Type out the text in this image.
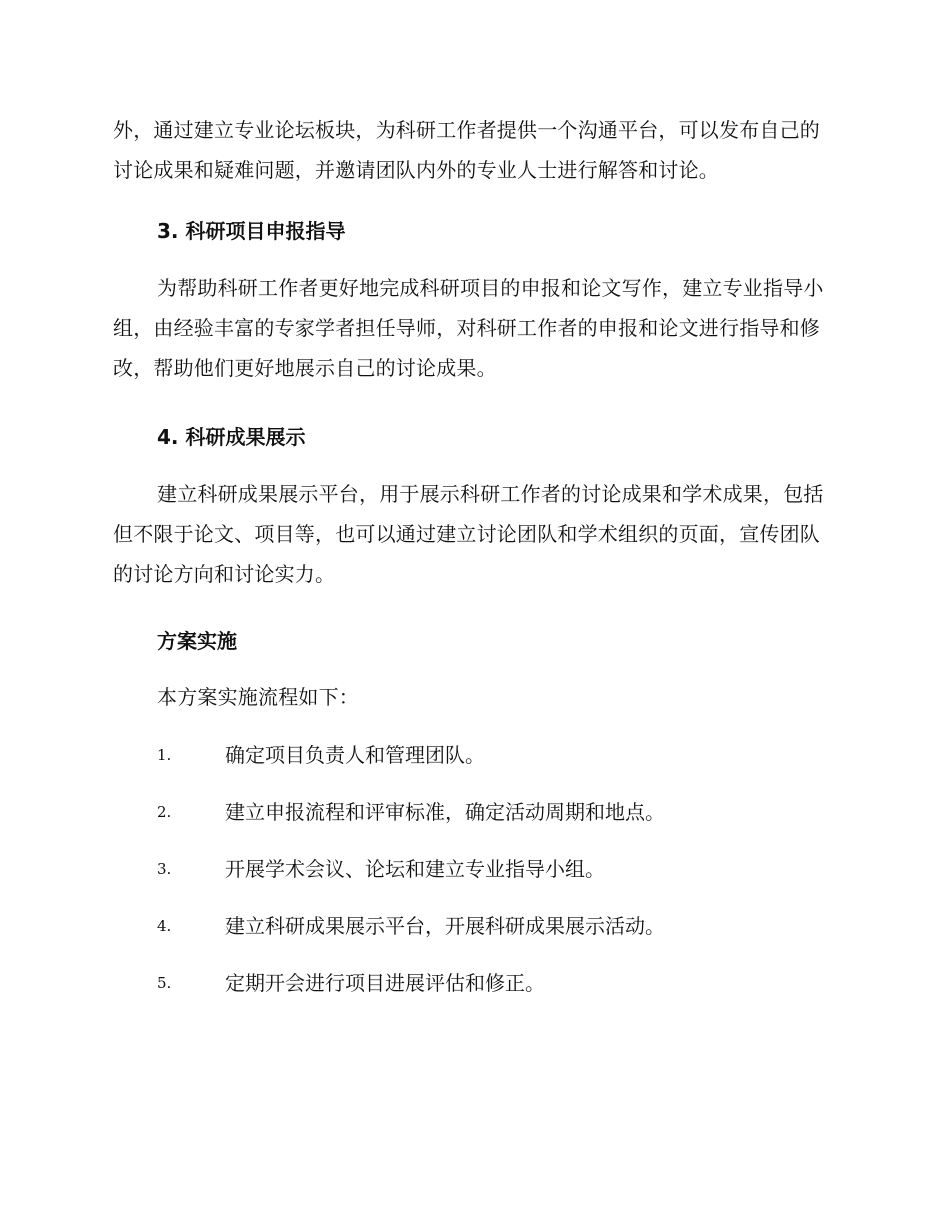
外，通过建立专业论坛板块，为科研工作者提供一个沟通平台，可以发布自己的讨论成果和疑难问题，并邀请团队内外的专业人士进行解答和讨论。

3. 科研项目申报指导

为帮助科研工作者更好地完成科研项目的申报和论文写作，建立专业指导小组，由经验丰富的专家学者担任导师，对科研工作者的申报和论文进行指导和修改，帮助他们更好地展示自己的讨论成果。

4. 科研成果展示

建立科研成果展示平台，用于展示科研工作者的讨论成果和学术成果，包括但不限于论文、项目等，也可以通过建立讨论团队和学术组织的页面，宣传团队的讨论方向和讨论实力。

方案实施

本方案实施流程如下：

1.	确定项目负责人和管理团队。
2.	建立申报流程和评审标准，确定活动周期和地点。
3.	开展学术会议、论坛和建立专业指导小组。
4.	建立科研成果展示平台，开展科研成果展示活动。
5.	定期开会进行项目进展评估和修正。
